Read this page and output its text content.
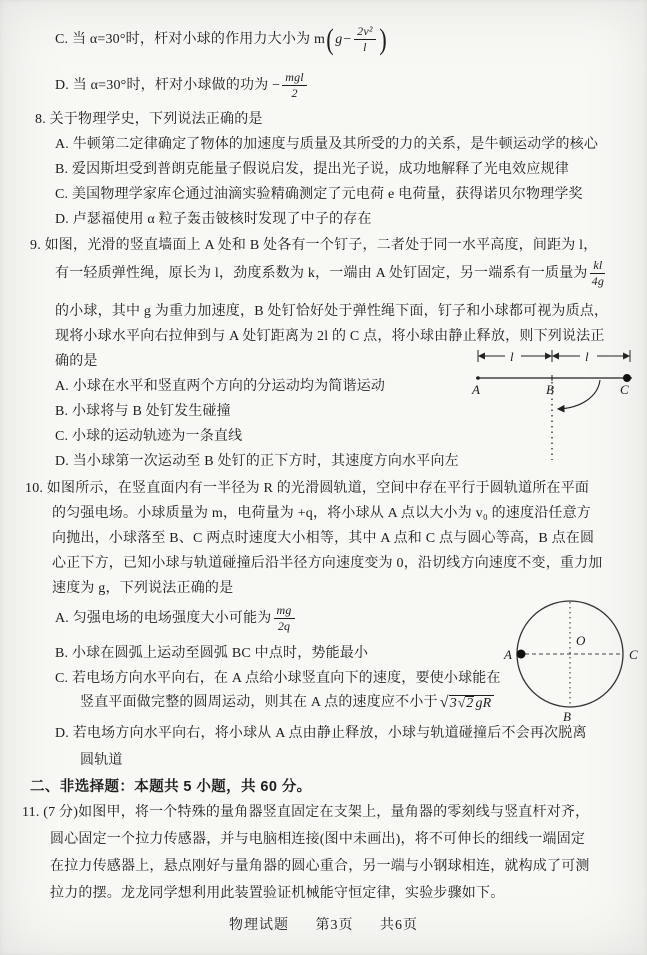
C. 当 α=30°时，杆对小球的作用力大小为 m ( $g- \frac{\text{2v²}}{l}$ )
D. 当 α=30°时，杆对小球做的功为 − $\frac{\text{mgl}}{2}$
8. 关于物理学史，下列说法正确的是
A. 牛顿第二定律确定了物体的加速度与质量及其所受的力的关系，是牛顿运动学的核心
B. 爱因斯坦受到普朗克能量子假说启发，提出光子说，成功地解释了光电效应规律
C. 美国物理学家库仑通过油滴实验精确测定了元电荷 e 电荷量，获得诺贝尔物理学奖
D. 卢瑟福使用 α 粒子轰击铍核时发现了中子的存在
9. 如图，光滑的竖直墙面上 A 处和 B 处各有一个钉子，二者处于同一水平高度，间距为 l，
有一轻质弹性绳，原长为 l，劲度系数为 k，一端由 A 处钉固定，另一端系有一质量为 $\frac{kl}{4g}$
的小球，其中 g 为重力加速度，B 处钉恰好处于弹性绳下面，钉子和小球都可视为质点，
现将小球水平向右拉伸到与 A 处钉距离为 2l 的 C 点，将小球由静止释放，则下列说法正
确的是
A. 小球在水平和竖直两个方向的分运动均为简谐运动
B. 小球将与 B 处钉发生碰撞
C. 小球的运动轨迹为一条直线
D. 当小球第一次运动至 B 处钉的正下方时，其速度方向水平向左
l	l
A	B	C
10. 如图所示，在竖直面内有一半径为 R 的光滑圆轨道，空间中存在平行于圆轨道所在平面
的匀强电场。小球质量为 m，电荷量为 +q，将小球从 A 点以大小为 v₀ 的速度沿任意方
向抛出，小球落至 B、C 两点时速度大小相等，其中 A 点和 C 点与圆心等高，B 点在圆
心正下方，已知小球与轨道碰撞后沿半径方向速度变为 0，沿切线方向速度不变，重力加
速度为 g，下列说法正确的是
A. 匀强电场的电场强度大小可能为 $\frac{mg}{2q}$
B. 小球在圆弧上运动至圆弧 BC 中点时，势能最小
C. 若电场方向水平向右，在 A 点给小球竖直向下的速度，要使小球能在
竖直平面做完整的圆周运动，则其在 A 点的速度应不小于 √ 3 √ 2 gR
D. 若电场方向水平向右，将小球从 A 点由静止释放，小球与轨道碰撞后不会再次脱离
圆轨道
A
O
C
B
二、非选择题：本题共 5 小题，共 60 分。
11. (7 分)如图甲，将一个特殊的量角器竖直固定在支架上，量角器的零刻线与竖直杆对齐，
圆心固定一个拉力传感器，并与电脑相连接(图中未画出)，将不可伸长的细线一端固定
在拉力传感器上，悬点刚好与量角器的圆心重合，另一端与小钢球相连，就构成了可测
拉力的摆。龙龙同学想利用此装置验证机械能守恒定律，实验步骤如下。
物理试题 第3页 共6页
